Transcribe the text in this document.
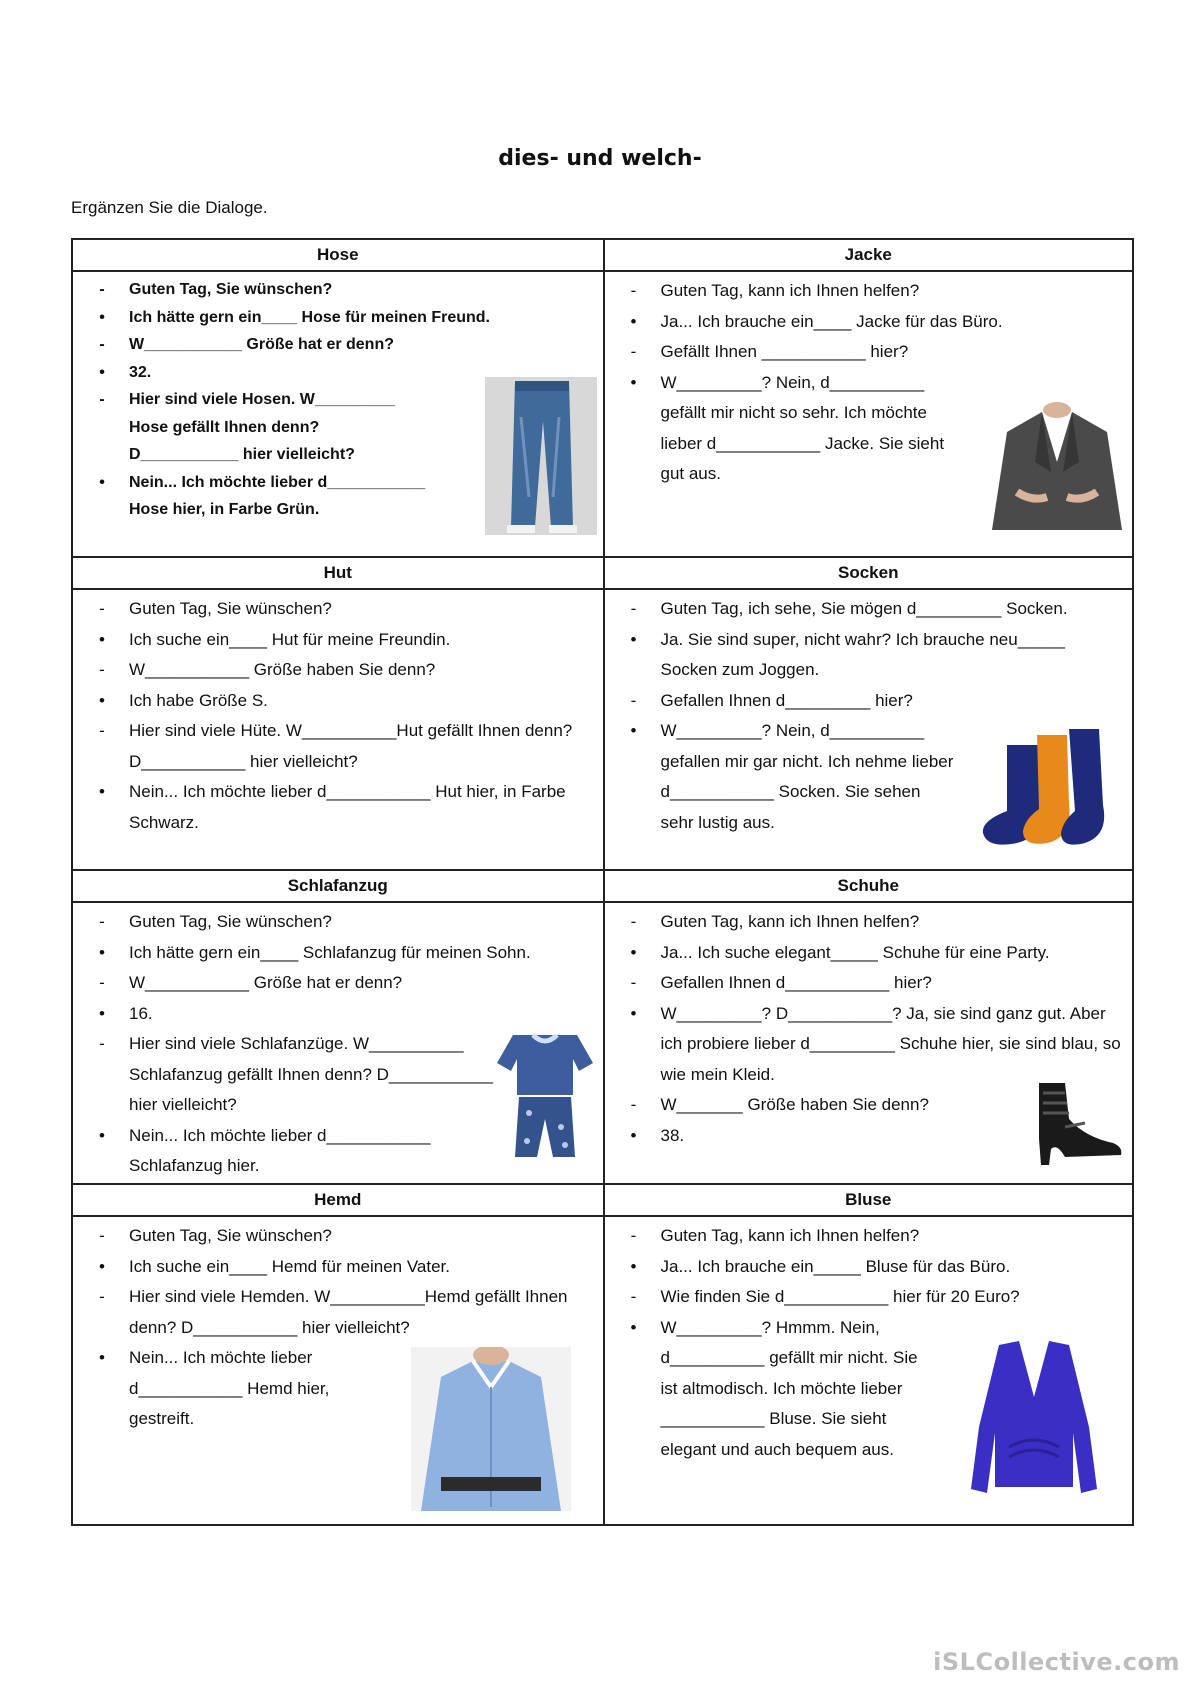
dies- und welch-
Ergänzen Sie die Dialoge.
Hose
-	Guten Tag, Sie wünschen?
•	Ich hätte gern ein____ Hose für meinen Freund.
-	W___________ Größe hat er denn?
•	32.
-	Hier sind viele Hosen. W_________ Hose gefällt Ihnen denn? D___________ hier vielleicht?
•	Nein... Ich möchte lieber d___________ Hose hier, in Farbe Grün.
Jacke
-	Guten Tag, kann ich Ihnen helfen?
•	Ja... Ich brauche ein____ Jacke für das Büro.
-	Gefällt Ihnen ___________ hier?
•	W_________? Nein, d__________ gefällt mir nicht so sehr. Ich möchte lieber d___________ Jacke. Sie sieht gut aus.
Hut
-	Guten Tag, Sie wünschen?
•	Ich suche ein____ Hut für meine Freundin.
-	W___________ Größe haben Sie denn?
•	Ich habe Größe S.
-	Hier sind viele Hüte. W__________Hut gefällt Ihnen denn? D___________ hier vielleicht?
•	Nein... Ich möchte lieber d___________ Hut hier, in Farbe Schwarz.
Socken
-	Guten Tag, ich sehe, Sie mögen d_________ Socken.
•	Ja. Sie sind super, nicht wahr? Ich brauche neu_____ Socken zum Joggen.
-	Gefallen Ihnen d_________ hier?
•	W_________? Nein, d__________ gefallen mir gar nicht. Ich nehme lieber d___________ Socken. Sie sehen sehr lustig aus.
Schlafanzug
-	Guten Tag, Sie wünschen?
•	Ich hätte gern ein____ Schlafanzug für meinen Sohn.
-	W___________ Größe hat er denn?
•	16.
-	Hier sind viele Schlafanzüge. W__________ Schlafanzug gefällt Ihnen denn? D___________ hier vielleicht?
•	Nein... Ich möchte lieber d___________ Schlafanzug hier.
Schuhe
-	Guten Tag, kann ich Ihnen helfen?
•	Ja... Ich suche elegant_____ Schuhe für eine Party.
-	Gefallen Ihnen d___________ hier?
•	W_________? D___________? Ja, sie sind ganz gut. Aber ich probiere lieber d_________ Schuhe hier, sie sind blau, so wie mein Kleid.
-	W_______ Größe haben Sie denn?
•	38.
Hemd
-	Guten Tag, Sie wünschen?
•	Ich suche ein____ Hemd für meinen Vater.
-	Hier sind viele Hemden. W__________Hemd gefällt Ihnen denn? D___________ hier vielleicht?
•	Nein... Ich möchte lieber d___________ Hemd hier, gestreift.
Bluse
-	Guten Tag, kann ich Ihnen helfen?
•	Ja... Ich brauche ein_____ Bluse für das Büro.
-	Wie finden Sie d___________ hier für 20 Euro?
•	W_________? Hmmm. Nein, d__________ gefällt mir nicht. Sie ist altmodisch. Ich möchte lieber ___________ Bluse. Sie sieht elegant und auch bequem aus.
iSLCollective.com
